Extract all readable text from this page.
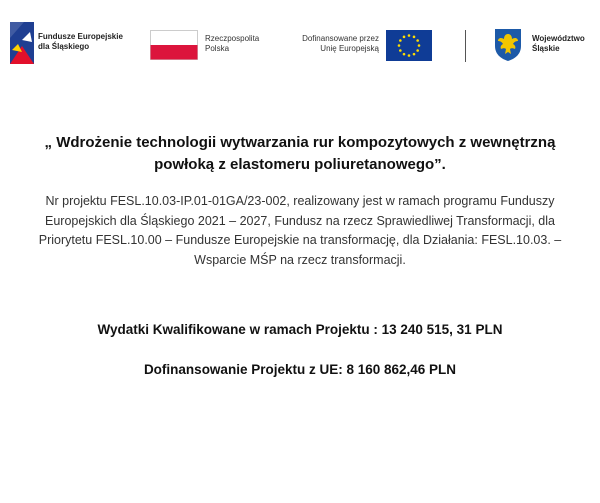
Fundusze Europejskie
dla Śląskiego
Rzeczpospolita
Polska
Dofinansowane przez
Unię Europejską
Województwo
Śląskie
„ Wdrożenie technologii wytwarzania rur kompozytowych z wewnętrzną
powłoką z elastomeru poliuretanowego”.
Nr projektu FESL.10.03-IP.01-01GA/23-002, realizowany jest w ramach programu Funduszy
Europejskich dla Śląskiego 2021 – 2027, Fundusz na rzecz Sprawiedliwej Transformacji, dla
Priorytetu FESL.10.00 – Fundusze Europejskie na transformację, dla Działania: FESL.10.03. –
Wsparcie MŚP na rzecz transformacji.
Wydatki Kwalifikowane w ramach Projektu : 13 240 515, 31 PLN
Dofinansowanie Projektu z UE: 8 160 862,46 PLN
